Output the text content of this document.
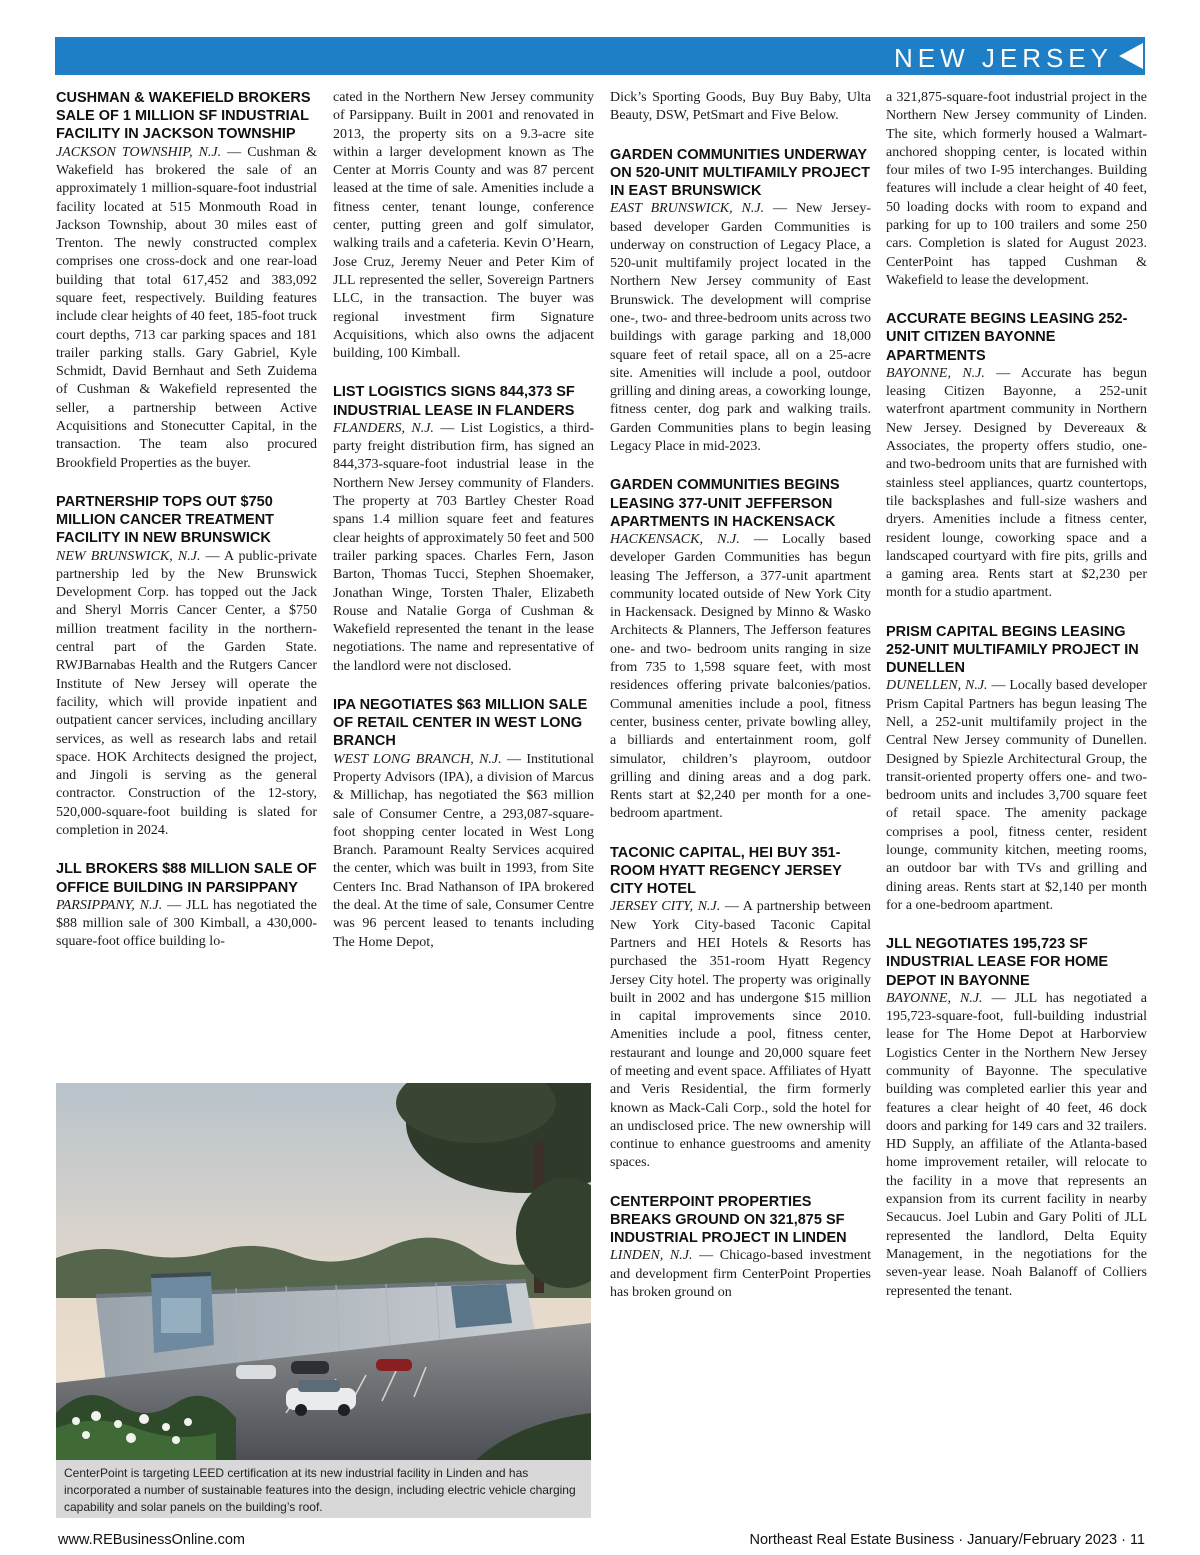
NEW JERSEY
CUSHMAN & WAKEFIELD BROKERS SALE OF 1 MILLION SF INDUSTRIAL FACILITY IN JACKSON TOWNSHIP
JACKSON TOWNSHIP, N.J. — Cushman & Wakefield has brokered the sale of an approximately 1 million-square-foot industrial facility located at 515 Monmouth Road in Jackson Township, about 30 miles east of Trenton. The newly constructed complex comprises one cross-dock and one rear-load building that total 617,452 and 383,092 square feet, respectively. Building features include clear heights of 40 feet, 185-foot truck court depths, 713 car parking spaces and 181 trailer parking stalls. Gary Gabriel, Kyle Schmidt, David Bernhaut and Seth Zuidema of Cushman & Wakefield represented the seller, a partnership between Active Acquisitions and Stonecutter Capital, in the transaction. The team also procured Brookfield Properties as the buyer.
PARTNERSHIP TOPS OUT $750 MILLION CANCER TREATMENT FACILITY IN NEW BRUNSWICK
NEW BRUNSWICK, N.J. — A public-private partnership led by the New Brunswick Development Corp. has topped out the Jack and Sheryl Morris Cancer Center, a $750 million treatment facility in the northern-central part of the Garden State. RWJBarnabas Health and the Rutgers Cancer Institute of New Jersey will operate the facility, which will provide inpatient and outpatient cancer services, including ancillary services, as well as research labs and retail space. HOK Architects designed the project, and Jingoli is serving as the general contractor. Construction of the 12-story, 520,000-square-foot building is slated for completion in 2024.
JLL BROKERS $88 MILLION SALE OF OFFICE BUILDING IN PARSIPPANY
PARSIPPANY, N.J. — JLL has negotiated the $88 million sale of 300 Kimball, a 430,000-square-foot office building lo-
cated in the Northern New Jersey community of Parsippany. Built in 2001 and renovated in 2013, the property sits on a 9.3-acre site within a larger development known as The Center at Morris County and was 87 percent leased at the time of sale. Amenities include a fitness center, tenant lounge, conference center, putting green and golf simulator, walking trails and a cafeteria. Kevin O’Hearn, Jose Cruz, Jeremy Neuer and Peter Kim of JLL represented the seller, Sovereign Partners LLC, in the transaction. The buyer was regional investment firm Signature Acquisitions, which also owns the adjacent building, 100 Kimball.
LIST LOGISTICS SIGNS 844,373 SF INDUSTRIAL LEASE IN FLANDERS
FLANDERS, N.J. — List Logistics, a third-party freight distribution firm, has signed an 844,373-square-foot industrial lease in the Northern New Jersey community of Flanders. The property at 703 Bartley Chester Road spans 1.4 million square feet and features clear heights of approximately 50 feet and 500 trailer parking spaces. Charles Fern, Jason Barton, Thomas Tucci, Stephen Shoemaker, Jonathan Winge, Torsten Thaler, Elizabeth Rouse and Natalie Gorga of Cushman & Wakefield represented the tenant in the lease negotiations. The name and representative of the landlord were not disclosed.
IPA NEGOTIATES $63 MILLION SALE OF RETAIL CENTER IN WEST LONG BRANCH
WEST LONG BRANCH, N.J. — Institutional Property Advisors (IPA), a division of Marcus & Millichap, has negotiated the $63 million sale of Consumer Centre, a 293,087-square-foot shopping center located in West Long Branch. Paramount Realty Services acquired the center, which was built in 1993, from Site Centers Inc. Brad Nathanson of IPA brokered the deal. At the time of sale, Consumer Centre was 96 percent leased to tenants including The Home Depot,
Dick’s Sporting Goods, Buy Buy Baby, Ulta Beauty, DSW, PetSmart and Five Below.
GARDEN COMMUNITIES UNDERWAY ON 520-UNIT MULTIFAMILY PROJECT IN EAST BRUNSWICK
EAST BRUNSWICK, N.J. — New Jersey-based developer Garden Communities is underway on construction of Legacy Place, a 520-unit multifamily project located in the Northern New Jersey community of East Brunswick. The development will comprise one-, two- and three-bedroom units across two buildings with garage parking and 18,000 square feet of retail space, all on a 25-acre site. Amenities will include a pool, outdoor grilling and dining areas, a coworking lounge, fitness center, dog park and walking trails. Garden Communities plans to begin leasing Legacy Place in mid-2023.
GARDEN COMMUNITIES BEGINS LEASING 377-UNIT JEFFERSON APARTMENTS IN HACKENSACK
HACKENSACK, N.J. — Locally based developer Garden Communities has begun leasing The Jefferson, a 377-unit apartment community located outside of New York City in Hackensack. Designed by Minno & Wasko Architects & Planners, The Jefferson features one- and two- bedroom units ranging in size from 735 to 1,598 square feet, with most residences offering private balconies/patios. Communal amenities include a pool, fitness center, business center, private bowling alley, a billiards and entertainment room, golf simulator, children’s playroom, outdoor grilling and dining areas and a dog park. Rents start at $2,240 per month for a one-bedroom apartment.
TACONIC CAPITAL, HEI BUY 351-ROOM HYATT REGENCY JERSEY CITY HOTEL
JERSEY CITY, N.J. — A partnership between New York City-based Taconic Capital Partners and HEI Hotels & Resorts has purchased the 351-room Hyatt Regency Jersey City hotel. The property was originally built in 2002 and has undergone $15 million in capital improvements since 2010. Amenities include a pool, fitness center, restaurant and lounge and 20,000 square feet of meeting and event space. Affiliates of Hyatt and Veris Residential, the firm formerly known as Mack-Cali Corp., sold the hotel for an undisclosed price. The new ownership will continue to enhance guestrooms and amenity spaces.
CENTERPOINT PROPERTIES BREAKS GROUND ON 321,875 SF INDUSTRIAL PROJECT IN LINDEN
LINDEN, N.J. — Chicago-based investment and development firm CenterPoint Properties has broken ground on
a 321,875-square-foot industrial project in the Northern New Jersey community of Linden. The site, which formerly housed a Walmart-anchored shopping center, is located within four miles of two I-95 interchanges. Building features will include a clear height of 40 feet, 50 loading docks with room to expand and parking for up to 100 trailers and some 250 cars. Completion is slated for August 2023. CenterPoint has tapped Cushman & Wakefield to lease the development.
ACCURATE BEGINS LEASING 252-UNIT CITIZEN BAYONNE APARTMENTS
BAYONNE, N.J. — Accurate has begun leasing Citizen Bayonne, a 252-unit waterfront apartment community in Northern New Jersey. Designed by Devereaux & Associates, the property offers studio, one- and two-bedroom units that are furnished with stainless steel appliances, quartz countertops, tile backsplashes and full-size washers and dryers. Amenities include a fitness center, resident lounge, coworking space and a landscaped courtyard with fire pits, grills and a gaming area. Rents start at $2,230 per month for a studio apartment.
PRISM CAPITAL BEGINS LEASING 252-UNIT MULTIFAMILY PROJECT IN DUNELLEN
DUNELLEN, N.J. — Locally based developer Prism Capital Partners has begun leasing The Nell, a 252-unit multifamily project in the Central New Jersey community of Dunellen. Designed by Spiezle Architectural Group, the transit-oriented property offers one- and two-bedroom units and includes 3,700 square feet of retail space. The amenity package comprises a pool, fitness center, resident lounge, community kitchen, meeting rooms, an outdoor bar with TVs and grilling and dining areas. Rents start at $2,140 per month for a one-bedroom apartment.
JLL NEGOTIATES 195,723 SF INDUSTRIAL LEASE FOR HOME DEPOT IN BAYONNE
BAYONNE, N.J. — JLL has negotiated a 195,723-square-foot, full-building industrial lease for The Home Depot at Harborview Logistics Center in the Northern New Jersey community of Bayonne. The speculative building was completed earlier this year and features a clear height of 40 feet, 46 dock doors and parking for 149 cars and 32 trailers. HD Supply, an affiliate of the Atlanta-based home improvement retailer, will relocate to the facility in a move that represents an expansion from its current facility in nearby Secaucus. Joel Lubin and Gary Politi of JLL represented the landlord, Delta Equity Management, in the negotiations for the seven-year lease. Noah Balanoff of Colliers represented the tenant.
CenterPoint is targeting LEED certification at its new industrial facility in Linden and has incorporated a number of sustainable features into the design, including electric vehicle charging capability and solar panels on the building’s roof.
www.REBusinessOnline.com	Northeast Real Estate Business · January/February 2023 · 11
